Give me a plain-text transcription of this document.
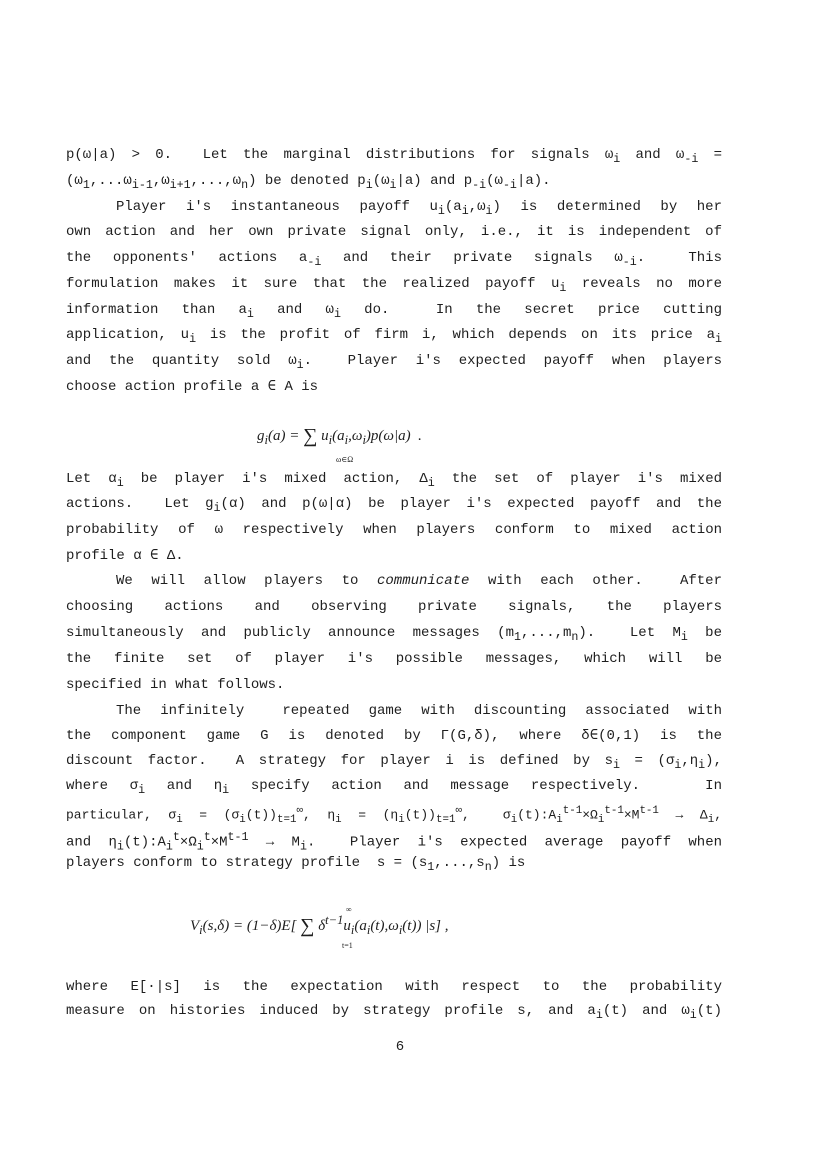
p(ω|a) > 0.  Let the marginal distributions for signals $\omega_i$ and $\omega_{-i}$ =
$(\omega_1,...\omega_{i-1},\omega_{i+1},...,\omega_n)$ be denoted $p_i(\omega_i|a)$ and $p_{-i}(\omega_{-i}|a)$.
Player i's instantaneous payoff $u_i(a_i,\omega_i)$ is determined by her
own action and her own private signal only, i.e., it is independent of
the opponents' actions $a_{-i}$ and their private signals $\omega_{-i}$.  This
formulation makes it sure that the realized payoff $u_i$ reveals no more
information than $a_i$ and $\omega_i$ do.  In the secret price cutting
application, $u_i$ is the profit of firm i, which depends on its price $a_i$
and the quantity sold $\omega_i$.  Player i's expected payoff when players
choose action profile a ∈ A is
$g_i(a)$ = ∑
ω∈Ω
$u_i(a_i,\omega_i)p(\omega|a)$  .
Let $\alpha_i$ be player i's mixed action, $\Delta_i$ the set of player i's mixed
actions.  Let $g_i(\alpha)$ and p(ω|α) be player i's expected payoff and the
probability of ω respectively when players conform to mixed action
profile α ∈ Δ.
We will allow players to communicate with each other.  After
choosing actions and observing private signals, the players
simultaneously and publicly announce messages $(m_1,...,m_n)$.  Let $M_i$ be
the finite set of player i's possible messages, which will be
specified in what follows.
The infinitely  repeated game with discounting associated with
the component game G is denoted by Γ(G,δ), where δ∈(0,1) is the
discount factor.  A strategy for player i is defined by $s_i = (\sigma_i,\eta_i)$,
where $\sigma_i$ and $\eta_i$ specify action and message respectively.   In
particular, $\sigma_i = (\sigma_i(t))_{t=1}^\infty$, $\eta_i = (\eta_i(t))_{t=1}^\infty$,  $\sigma_i(t):A_i^{t-1}\times\Omega_i^{t-1}\times M^{t-1} \to \Delta_i$,
and $\eta_i(t):A_i^t\times\Omega_i^t\times M^{t-1} \to M_i$.  Player i's expected average payoff when
players conform to strategy profile  $s = (s_1,...,s_n)$ is
$V_i(s,\delta) = (1-\delta)E$[ ∑
t=1
∞
$\delta^{t-1}u_i(a_i(t),\omega_i(t))$ |s] ,
where E[·|s] is the expectation with respect to the probability
measure on histories induced by strategy profile s, and $a_i(t)$ and $\omega_i(t)$
6
